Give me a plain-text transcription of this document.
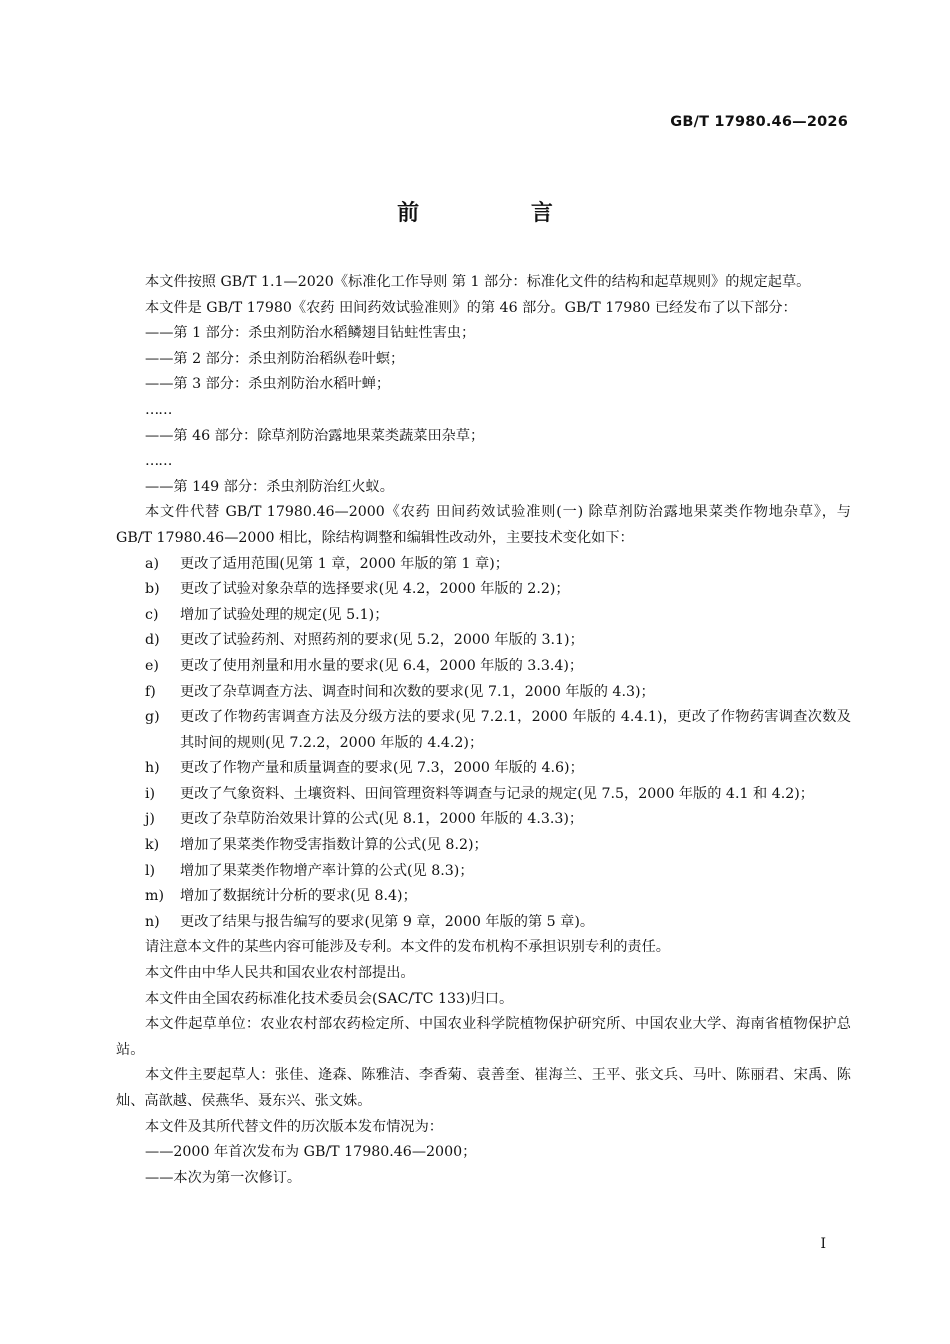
GB/T 17980.46—2026
前 言

本文件按照 GB/T 1.1—2020《标准化工作导则 第 1 部分：标准化文件的结构和起草规则》的规定起草。

本文件是 GB/T 17980《农药 田间药效试验准则》的第 46 部分。GB/T 17980 已经发布了以下部分：

——第 1 部分：杀虫剂防治水稻鳞翅目钻蛀性害虫；

——第 2 部分：杀虫剂防治稻纵卷叶螟；

——第 3 部分：杀虫剂防治水稻叶蝉；

……

——第 46 部分：除草剂防治露地果菜类蔬菜田杂草；

……

——第 149 部分：杀虫剂防治红火蚁。

本文件代替 GB/T 17980.46—2000《农药 田间药效试验准则(一) 除草剂防治露地果菜类作物地杂草》，与 GB/T 17980.46—2000 相比，除结构调整和编辑性改动外，主要技术变化如下：

a)	更改了适用范围(见第 1 章，2000 年版的第 1 章)；
b)	更改了试验对象杂草的选择要求(见 4.2，2000 年版的 2.2)；
c)	增加了试验处理的规定(见 5.1)；
d)	更改了试验药剂、对照药剂的要求(见 5.2，2000 年版的 3.1)；
e)	更改了使用剂量和用水量的要求(见 6.4，2000 年版的 3.3.4)；
f)	更改了杂草调查方法、调查时间和次数的要求(见 7.1，2000 年版的 4.3)；
g)	更改了作物药害调查方法及分级方法的要求(见 7.2.1，2000 年版的 4.4.1)，更改了作物药害调查次数及其时间的规则(见 7.2.2，2000 年版的 4.4.2)；
h)	更改了作物产量和质量调查的要求(见 7.3，2000 年版的 4.6)；
i)	更改了气象资料、土壤资料、田间管理资料等调查与记录的规定(见 7.5，2000 年版的 4.1 和 4.2)；
j)	更改了杂草防治效果计算的公式(见 8.1，2000 年版的 4.3.3)；
k)	增加了果菜类作物受害指数计算的公式(见 8.2)；
l)	增加了果菜类作物增产率计算的公式(见 8.3)；
m)	增加了数据统计分析的要求(见 8.4)；
n)	更改了结果与报告编写的要求(见第 9 章，2000 年版的第 5 章)。

请注意本文件的某些内容可能涉及专利。本文件的发布机构不承担识别专利的责任。

本文件由中华人民共和国农业农村部提出。

本文件由全国农药标准化技术委员会(SAC/TC 133)归口。

本文件起草单位：农业农村部农药检定所、中国农业科学院植物保护研究所、中国农业大学、海南省植物保护总站。

本文件主要起草人：张佳、逄森、陈雅洁、李香菊、袁善奎、崔海兰、王平、张文兵、马叶、陈丽君、宋禹、陈灿、高歆越、侯燕华、聂东兴、张文姝。

本文件及其所代替文件的历次版本发布情况为：

——2000 年首次发布为 GB/T 17980.46—2000；

——本次为第一次修订。

I
